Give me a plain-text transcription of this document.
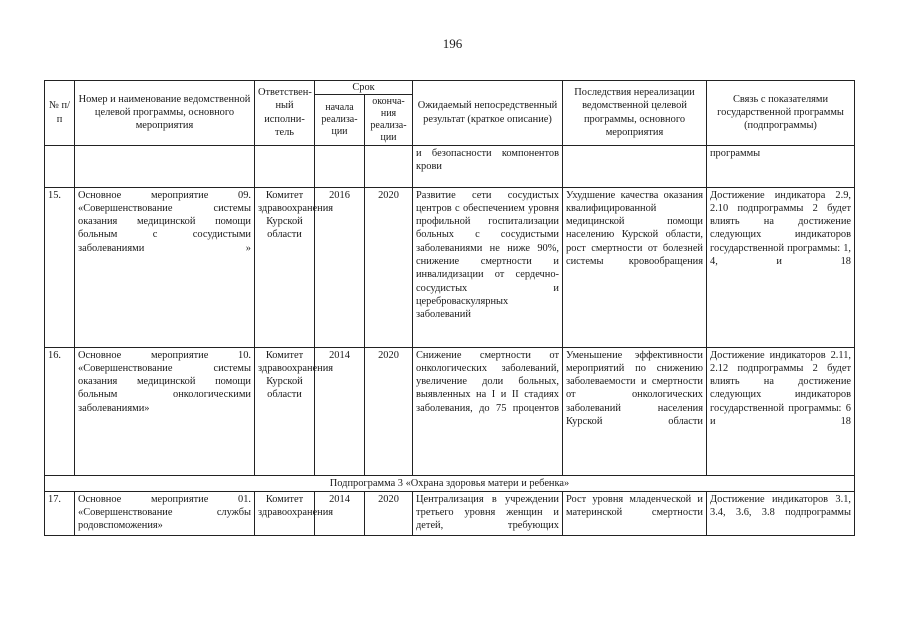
196
№ п/п	Номер и наименование ведомственной целевой программы, основного мероприятия	Ответствен-ный исполни-тель	Срок		Ожидаемый непосредственный результат (краткое описание)	Последствия нереализации ведомственной целевой программы, основного мероприятия	Связь с показателями государственной программы (подпрограммы)
			начала реализа-ции	оконча-ния реализа-ции			
					и безопасности компонентов крови		программы
15.	Основное мероприятие 09. «Совершенствование системы оказания медицинской помощи больным с сосудистыми заболеваниями »	Комитет здравоохранения Курской области	2016	2020	Развитие сети сосудистых центров с обеспечением уровня профильной госпитализации больных с сосудистыми заболеваниями не ниже 90%, снижение смертности и инвалидизации от сердечно-сосудистых и цереброваскулярных заболеваний	Ухудшение качества оказания квалифицированной медицинской помощи населению Курской области, рост смертности от болезней системы кровообращения	Достижение индикатора 2.9, 2.10 подпрограммы 2 будет влиять на достижение следующих индикаторов государственной программы: 1, 4, и 18
16.	Основное мероприятие 10. «Совершенствование системы оказания медицинской помощи больным онкологическими заболеваниями»	Комитет здравоохранения Курской области	2014	2020	Снижение смертности от онкологических заболеваний, увеличение доли больных, выявленных на I и II стадиях заболевания, до 75 процентов	Уменьшение эффективности мероприятий по снижению заболеваемости и смертности от онкологических заболеваний населения Курской области	Достижение индикаторов 2.11, 2.12 подпрограммы 2 будет влиять на достижение следующих индикаторов государственной программы: 6 и 18
Подпрограмма 3 «Охрана здоровья матери и ребенка»							
17.	Основное мероприятие 01. «Совершенствование службы родовспоможения»	Комитет здравоохранения	2014	2020	Централизация в учреждении третьего уровня женщин и детей, требующих	Рост уровня младенческой и материнской смертности	Достижение индикаторов 3.1, 3.4, 3.6, 3.8 подпрограммы
